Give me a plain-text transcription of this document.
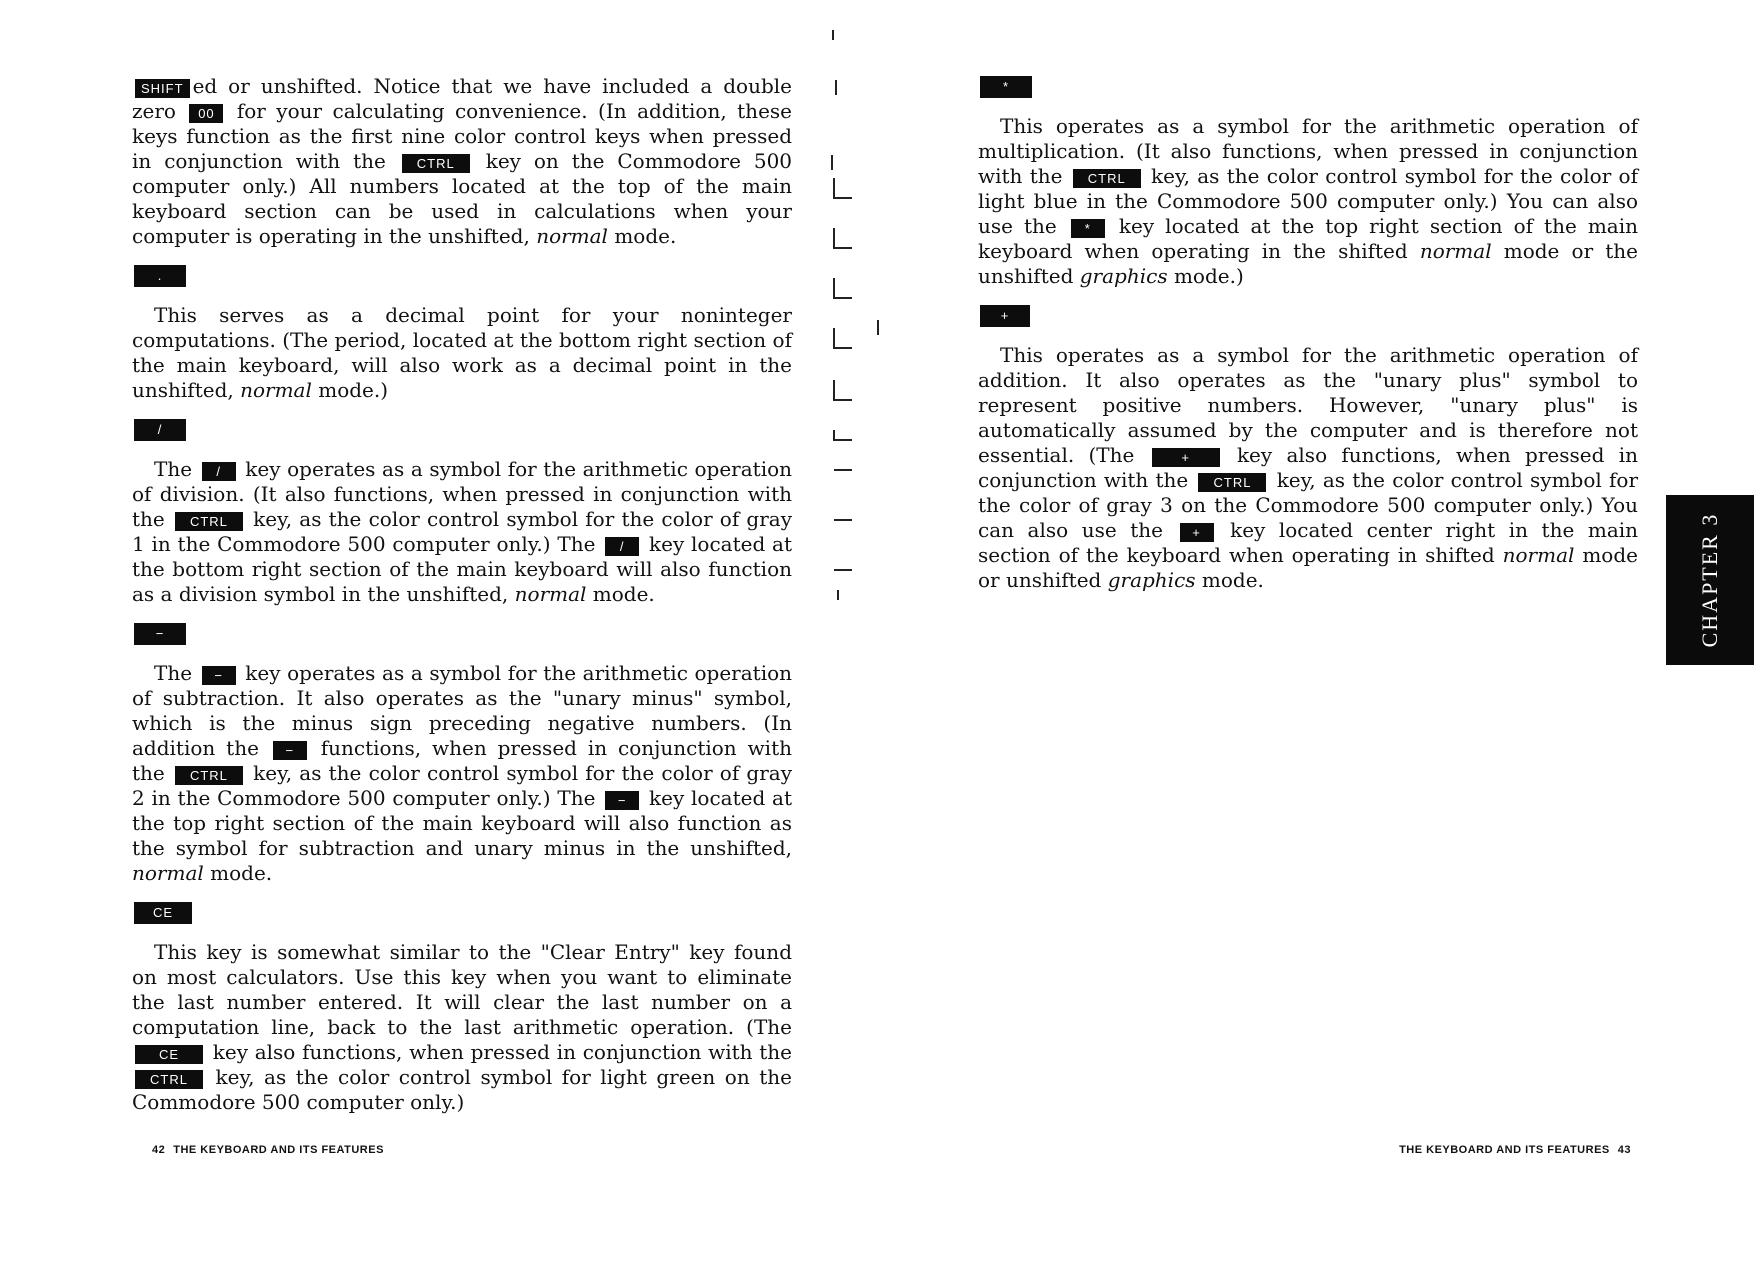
SHIFT ed or unshifted. Notice that we have included a double zero 00 for your calculating convenience. (In addition, these keys function as the first nine color control keys when pressed in conjunction with the CTRL key on the Commodore 500 computer only.) All numbers located at the top of the main keyboard section can be used in calculations when your computer is operating in the unshifted, normal mode.

.

This serves as a decimal point for your noninteger computations. (The period, located at the bottom right section of the main keyboard, will also work as a decimal point in the unshifted, normal mode.)

/

The / key operates as a symbol for the arithmetic operation of division. (It also functions, when pressed in conjunction with the CTRL key, as the color control symbol for the color of gray 1 in the Commodore 500 computer only.) The / key located at the bottom right section of the main keyboard will also function as a division symbol in the unshifted, normal mode.

−

The − key operates as a symbol for the arithmetic operation of subtraction. It also operates as the "unary minus" symbol, which is the minus sign preceding negative numbers. (In addition the − functions, when pressed in conjunction with the CTRL key, as the color control symbol for the color of gray 2 in the Commodore 500 computer only.) The − key located at the top right section of the main keyboard will also function as the symbol for subtraction and unary minus in the unshifted, normal mode.

CE

This key is somewhat similar to the "Clear Entry" key found on most calculators. Use this key when you want to eliminate the last number entered. It will clear the last number on a computation line, back to the last arithmetic operation. (The CE key also functions, when pressed in conjunction with the CTRL key, as the color control symbol for light green on the Commodore 500 computer only.)

42 THE KEYBOARD AND ITS FEATURES
*

This operates as a symbol for the arithmetic operation of multiplication. (It also functions, when pressed in conjunction with the CTRL key, as the color control symbol for the color of light blue in the Commodore 500 computer only.) You can also use the * key located at the top right section of the main keyboard when operating in the shifted normal mode or the unshifted graphics mode.)

+

This operates as a symbol for the arithmetic operation of addition. It also operates as the "unary plus" symbol to represent positive numbers. However, "unary plus" is automatically assumed by the computer and is therefore not essential. (The	+ key also functions, when pressed in conjunction with the CTRL key, as the color control symbol for the color of gray 3 on the Commodore 500 computer only.) You can also use the + key located center right in the main section of the keyboard when operating in shifted normal mode or unshifted graphics mode.	CHAPTER 3
THE KEYBOARD AND ITS FEATURES 43
